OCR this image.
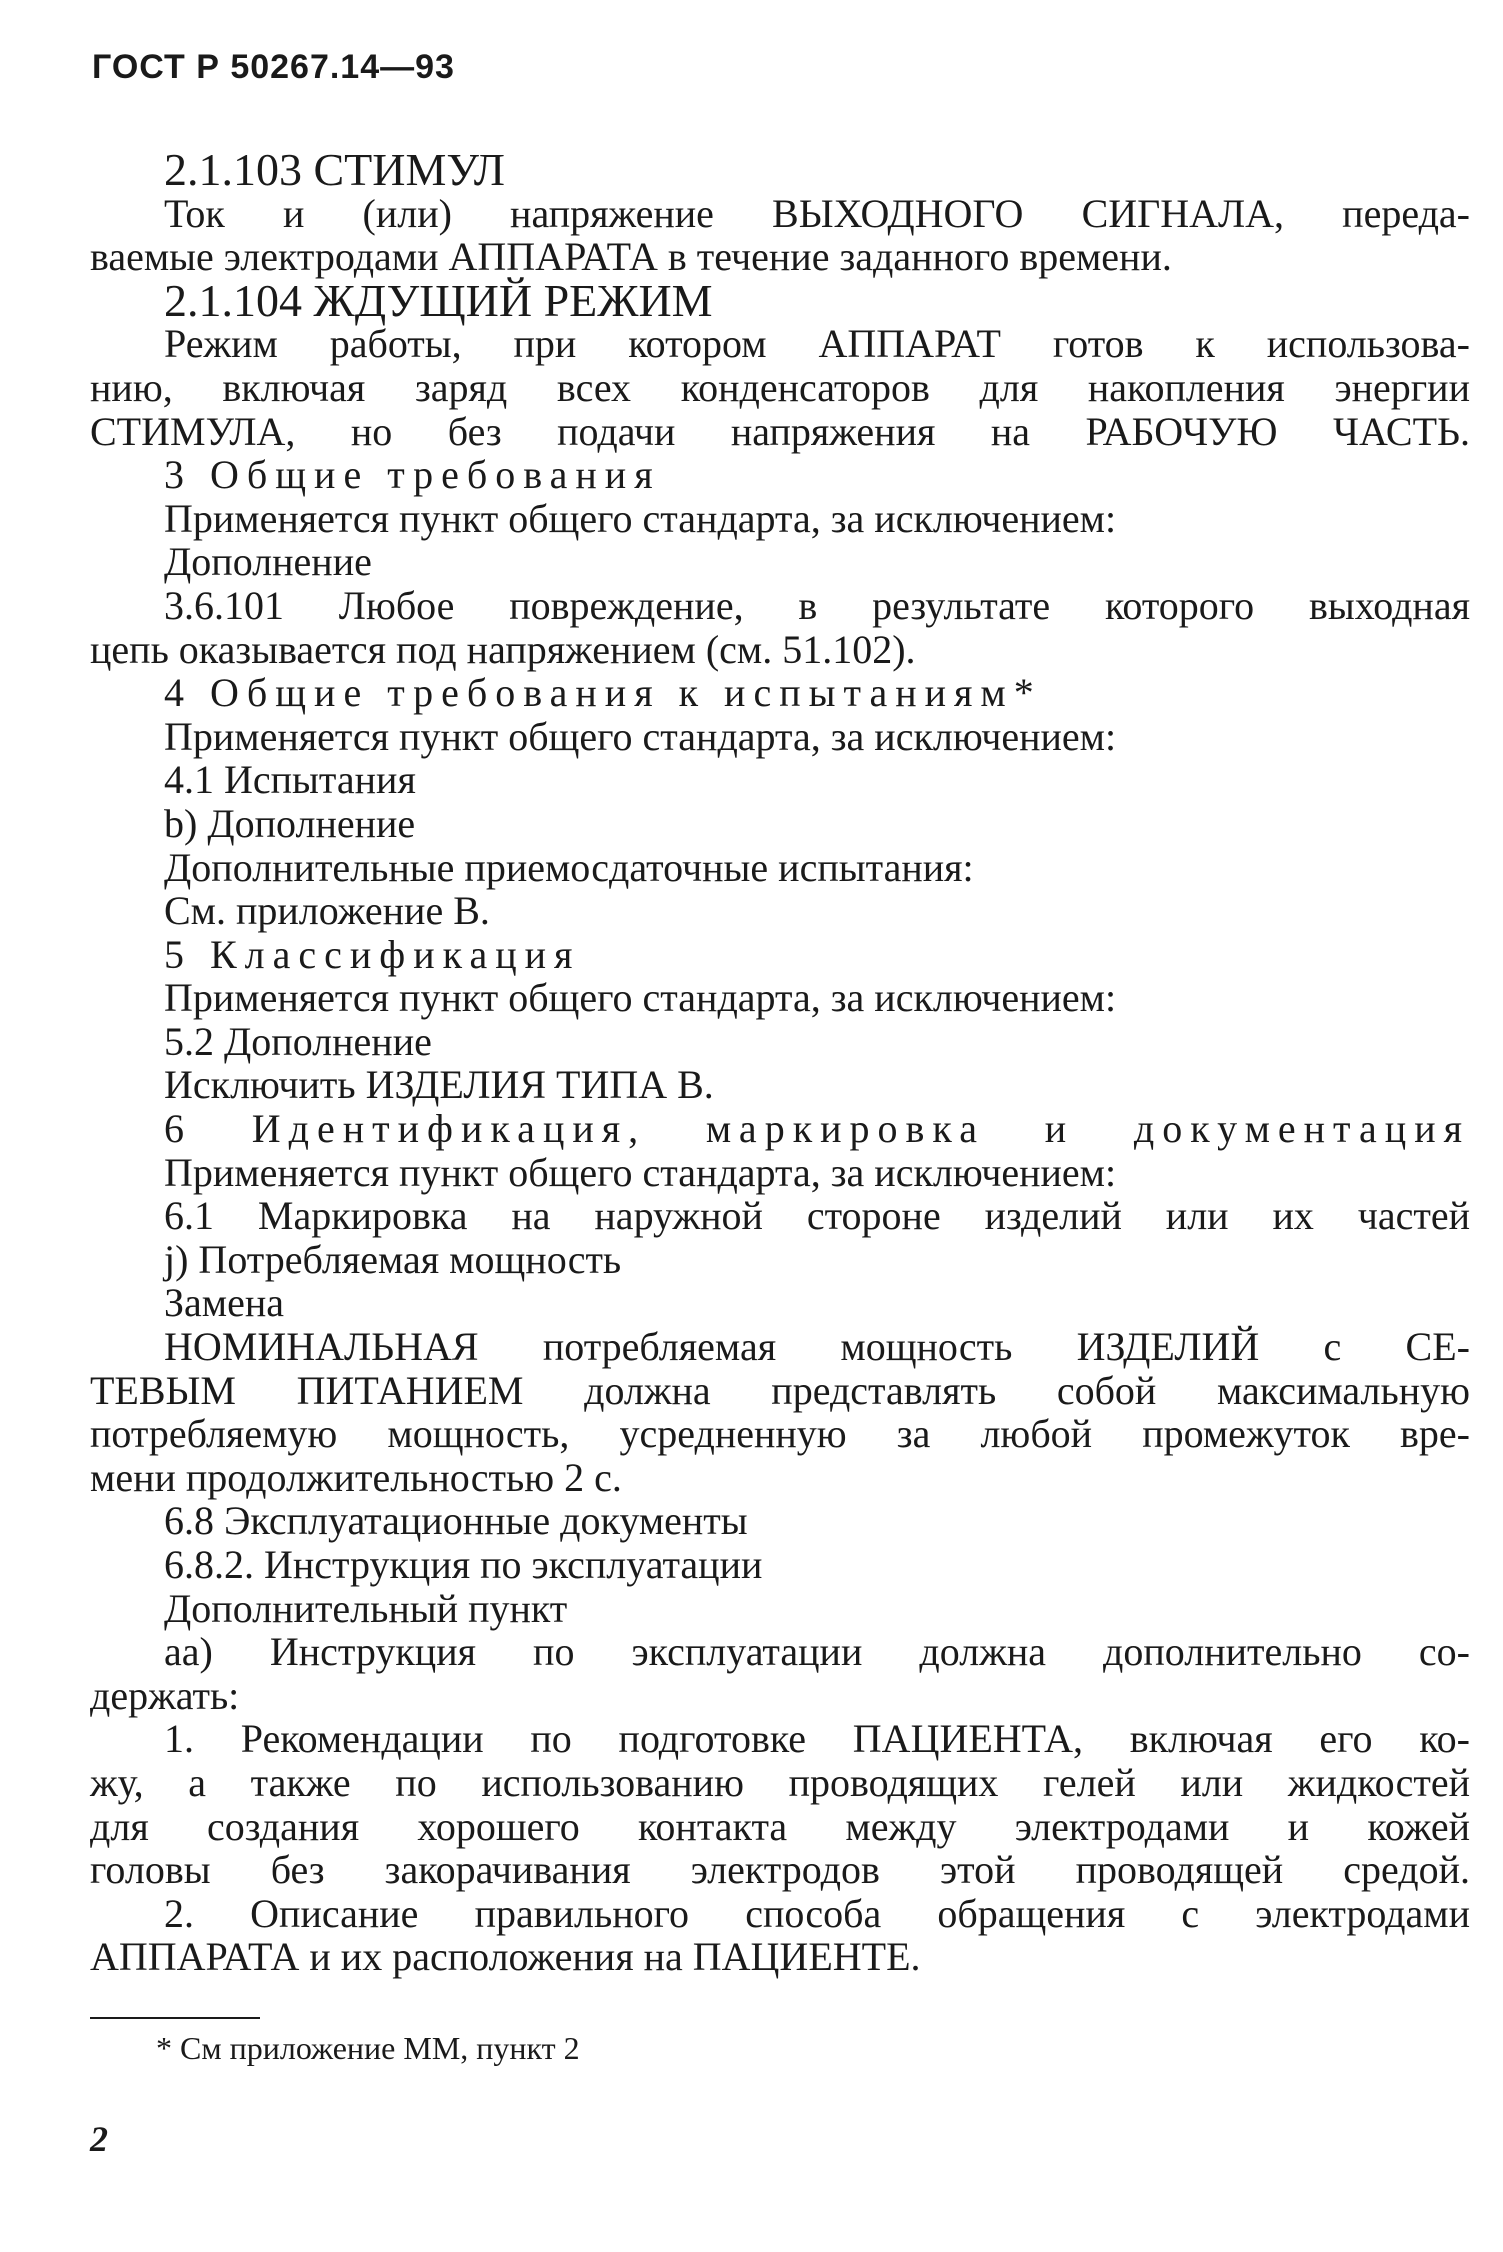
ГОСТ Р 50267.14—93

2.1.103 СТИМУЛ

Ток и (или) напряжение ВЫХОДНОГО СИГНАЛА, переда-

ваемые электродами АППАРАТА в течение заданного времени.

2.1.104 ЖДУЩИЙ РЕЖИМ

Режим работы, при котором АППАРАТ готов к использова-

нию, включая заряд всех конденсаторов для накопления энергии

СТИМУЛА, но без подачи напряжения на РАБОЧУЮ ЧАСТЬ.

3 Общие требования

Применяется пункт общего стандарта, за исключением:

Дополнение

3.6.101 Любое повреждение, в результате которого выходная

цепь оказывается под напряжением (см. 51.102).

4 Общие требования к испытаниям*

Применяется пункт общего стандарта, за исключением:

4.1 Испытания

b) Дополнение

Дополнительные приемосдаточные испытания:

См. приложение В.

5 Классификация

Применяется пункт общего стандарта, за исключением:

5.2 Дополнение

Исключить ИЗДЕЛИЯ ТИПА В.

6 Идентификация, маркировка и документация

Применяется пункт общего стандарта, за исключением:

6.1 Маркировка на наружной стороне изделий или их частей

j) Потребляемая мощность

Замена

НОМИНАЛЬНАЯ потребляемая мощность ИЗДЕЛИЙ с СЕ-

ТЕВЫМ ПИТАНИЕМ должна представлять собой максимальную

потребляемую мощность, усредненную за любой промежуток вре-

мени продолжительностью 2 с.

6.8 Эксплуатационные документы

6.8.2. Инструкция по эксплуатации

Дополнительный пункт

аа) Инструкция по эксплуатации должна дополнительно со-

держать:

1. Рекомендации по подготовке ПАЦИЕНТА, включая его ко-

жу, а также по использованию проводящих гелей или жидкостей

для создания хорошего контакта между электродами и кожей

головы без закорачивания электродов этой проводящей средой.

2. Описание правильного способа обращения с электродами

АППАРАТА и их расположения на ПАЦИЕНТЕ.

* См приложение ММ, пункт 2
2
